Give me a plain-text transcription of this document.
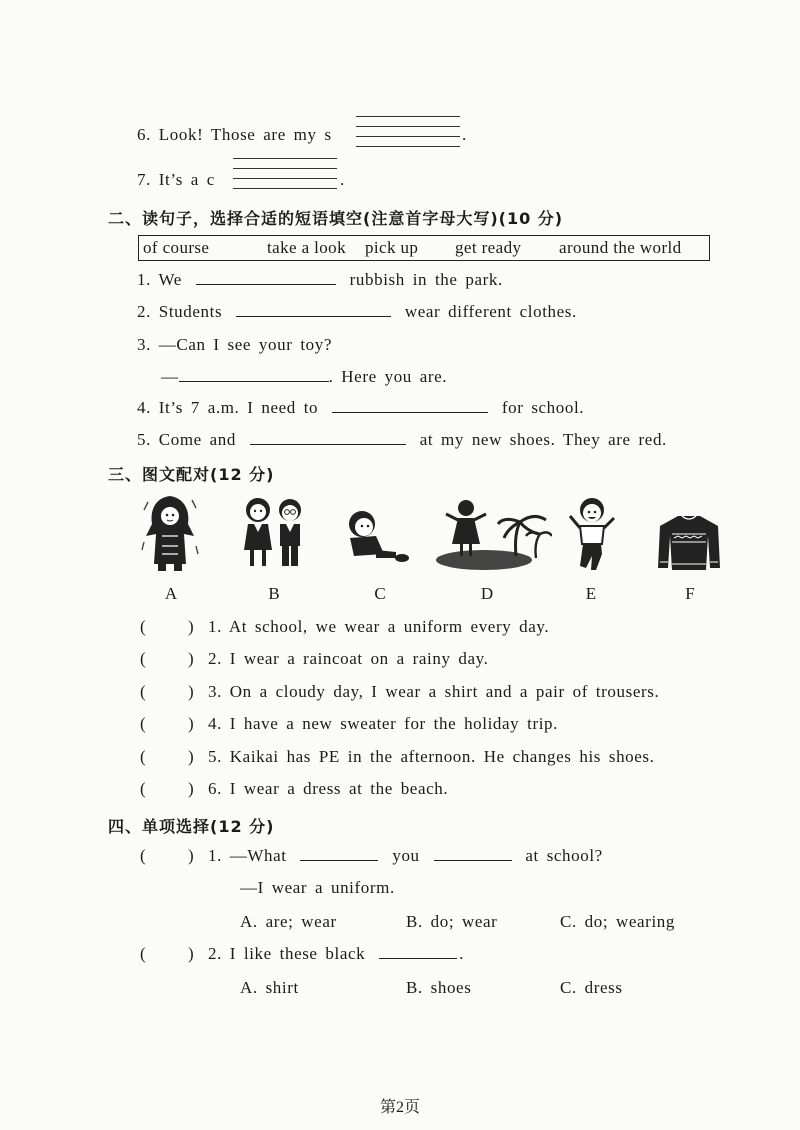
6. Look! Those are my s	.
7. It’s a c	.
二、读句子，选择合适的短语填空(注意首字母大写)(10 分)
of course	take a look pick up get ready around the world
1. We	rubbish in the park.
2. Students	wear different clothes.
3. —Can I see your toy?
—	. Here you are.
4. It’s 7 a.m. I need to	for school.
5. Come and	at my new shoes. They are red.
三、图文配对(12 分)
A	B	C	D	E	F
( ) 1. At school, we wear a uniform every day.
( ) 2. I wear a raincoat on a rainy day.
( ) 3. On a cloudy day, I wear a shirt and a pair of trousers.
( ) 4. I have a new sweater for the holiday trip.
( ) 5. Kaikai has PE in the afternoon. He changes his shoes.
( ) 6. I wear a dress at the beach.
四、单项选择(12 分)
( ) 1. —What	you	at school?
—I wear a uniform.
A. are; wear	B. do; wear	C. do; wearing
( ) 2. I like these black	.
A. shirt	B. shoes	C. dress
第2页
